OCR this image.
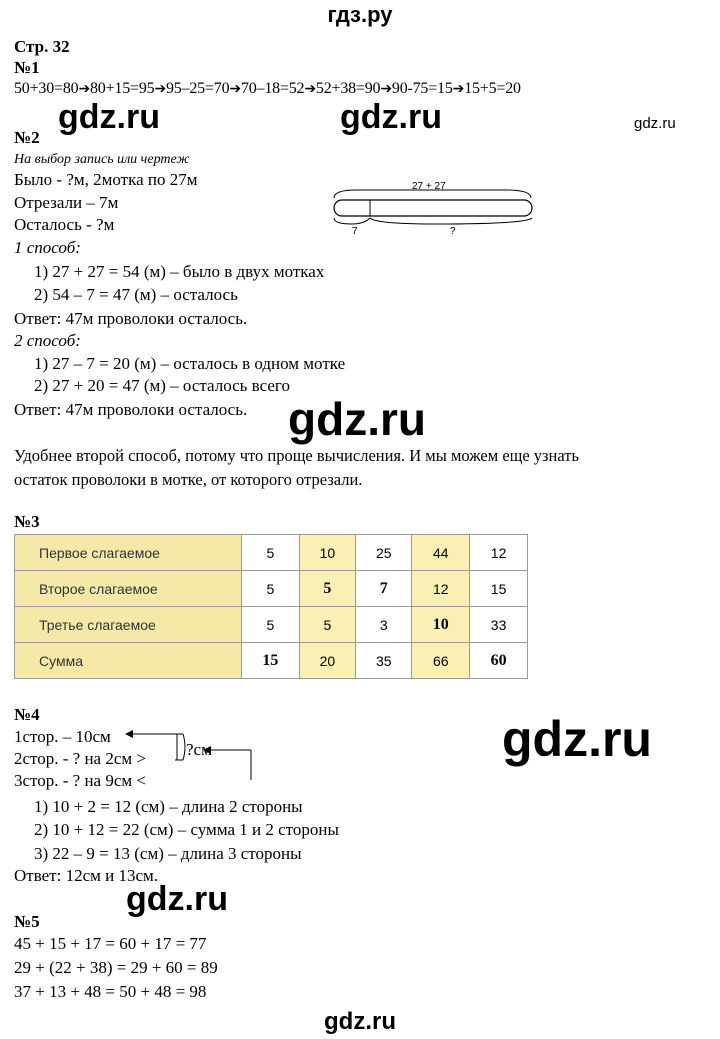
гдз.ру
Стр. 32
№1
50+30=80➔80+15=95➔95–25=70➔70–18=52➔52+38=90➔90-75=15➔15+5=20
gdz.ru	gdz.ru	gdz.ru
№2
На выбор запись или чертеж
Было - ?м, 2мотка по 27м
Отрезали – 7м
Осталось - ?м
27 + 27
7	?
1 способ:
1) 27 + 27 = 54 (м) – было в двух мотках
2) 54 – 7 = 47 (м) – осталось
Ответ: 47м проволоки осталось.
2 способ:
1) 27 – 7 = 20 (м) – осталось в одном мотке
2) 27 + 20 = 47 (м) – осталось всего
Ответ: 47м проволоки осталось. gdz.ru
Удобнее второй способ, потому что проще вычисления. И мы можем еще узнать
остаток проволоки в мотке, от которого отрезали.
№3
Первое слагаемое	5	10	25	44	12
Второе слагаемое	5	5	7	12	15
Третье слагаемое	5	5	3	10	33
Сумма	15	20	35	66	60
№4
1стор. – 10см
2стор. - ? на 2см >
3стор. - ? на 9см <
?см
1) 10 + 2 = 12 (см) – длина 2 стороны
2) 10 + 12 = 22 (см) – сумма 1 и 2 стороны
3) 22 – 9 = 13 (см) – длина 3 стороны
Ответ: 12см и 13см.
gdz.ru
gdz.ru
№5
45 + 15 + 17 = 60 + 17 = 77
29 + (22 + 38) = 29 + 60 = 89
37 + 13 + 48 = 50 + 48 = 98
gdz.ru
